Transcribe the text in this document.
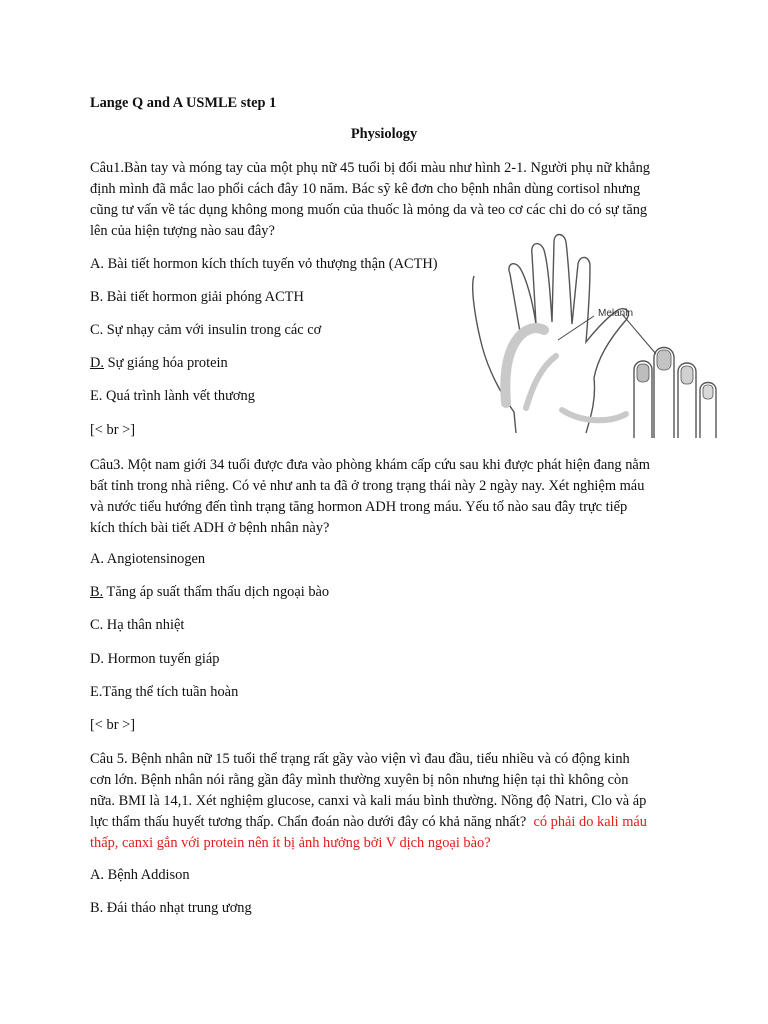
Lange Q and A USMLE step 1

Physiology
Câu1.Bàn tay và móng tay của một phụ nữ 45 tuổi bị đổi màu như hình 2-1. Người phụ nữ khẳng
định mình đã mắc lao phổi cách đây 10 năm. Bác sỹ kê đơn cho bệnh nhân dùng cortisol nhưng
cũng tư vấn về tác dụng không mong muốn của thuốc là mỏng da và teo cơ các chi do có sự tăng
lên của hiện tượng nào sau đây?

A. Bài tiết hormon kích thích tuyến vỏ thượng thận (ACTH)

B. Bài tiết hormon giải phóng ACTH

C. Sự nhạy cảm với insulin trong các cơ

D. Sự giáng hóa protein

E. Quá trình lành vết thương

[< br >]

Melanin
Câu3. Một nam giới 34 tuổi được đưa vào phòng khám cấp cứu sau khi được phát hiện đang nằm
bất tỉnh trong nhà riêng. Có vẻ như anh ta đã ở trong trạng thái này 2 ngày nay. Xét nghiệm máu
và nước tiểu hướng đến tình trạng tăng hormon ADH trong máu. Yếu tố nào sau đây trực tiếp
kích thích bài tiết ADH ở bệnh nhân này?

A. Angiotensinogen

B. Tăng áp suất thẩm thấu dịch ngoại bào

C. Hạ thân nhiệt

D. Hormon tuyến giáp

E.Tăng thể tích tuần hoàn

[< br >]

Câu 5. Bệnh nhân nữ 15 tuổi thể trạng rất gầy vào viện vì đau đầu, tiểu nhiều và có động kinh
cơn lớn. Bệnh nhân nói rằng gần đây mình thường xuyên bị nôn nhưng hiện tại thì không còn
nữa. BMI là 14,1. Xét nghiệm glucose, canxi và kali máu bình thường. Nồng độ Natri, Clo và áp
lực thẩm thấu huyết tương thấp. Chẩn đoán nào dưới đây có khả năng nhất? có phải do kali máu
thấp, canxi gắn với protein nên ít bị ảnh hưởng bởi V dịch ngoại bào?

A. Bệnh Addison

B. Đái tháo nhạt trung ương
